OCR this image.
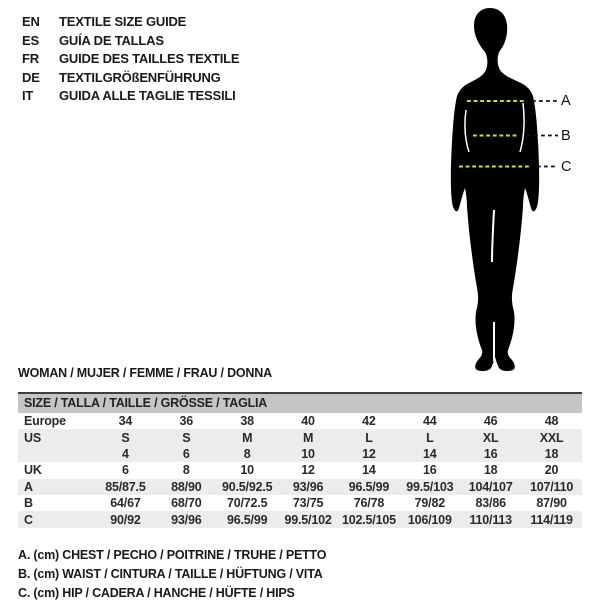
A
B
C
EN	TEXTILE SIZE GUIDE
ES	GUÍA DE TALLAS
FR	GUIDE DES TAILLES TEXTILE
DE	TEXTILGRÖßENFÜHRUNG
IT	GUIDA ALLE TAGLIE TESSILI
WOMAN / MUJER / FEMME / FRAU / DONNA
SIZE / TALLA / TAILLE / GRÖSSE / TAGLIA								
Europe	34	36	38	40	42	44	46	48
US	S	S	M	M	L	L	XL	XXL
	4	6	8	10	12	14	16	18
UK	6	8	10	12	14	16	18	20
A	85/87.5	88/90	90.5/92.5	93/96	96.5/99	99.5/103	104/107	107/110
B	64/67	68/70	70/72.5	73/75	76/78	79/82	83/86	87/90
C	90/92	93/96	96.5/99	99.5/102	102.5/105	106/109	110/113	114/119
A. (cm) CHEST / PECHO / POITRINE / TRUHE / PETTO
B. (cm) WAIST / CINTURA / TAILLE / HÜFTUNG / VITA
C. (cm) HIP / CADERA / HANCHE / HÜFTE / HIPS
